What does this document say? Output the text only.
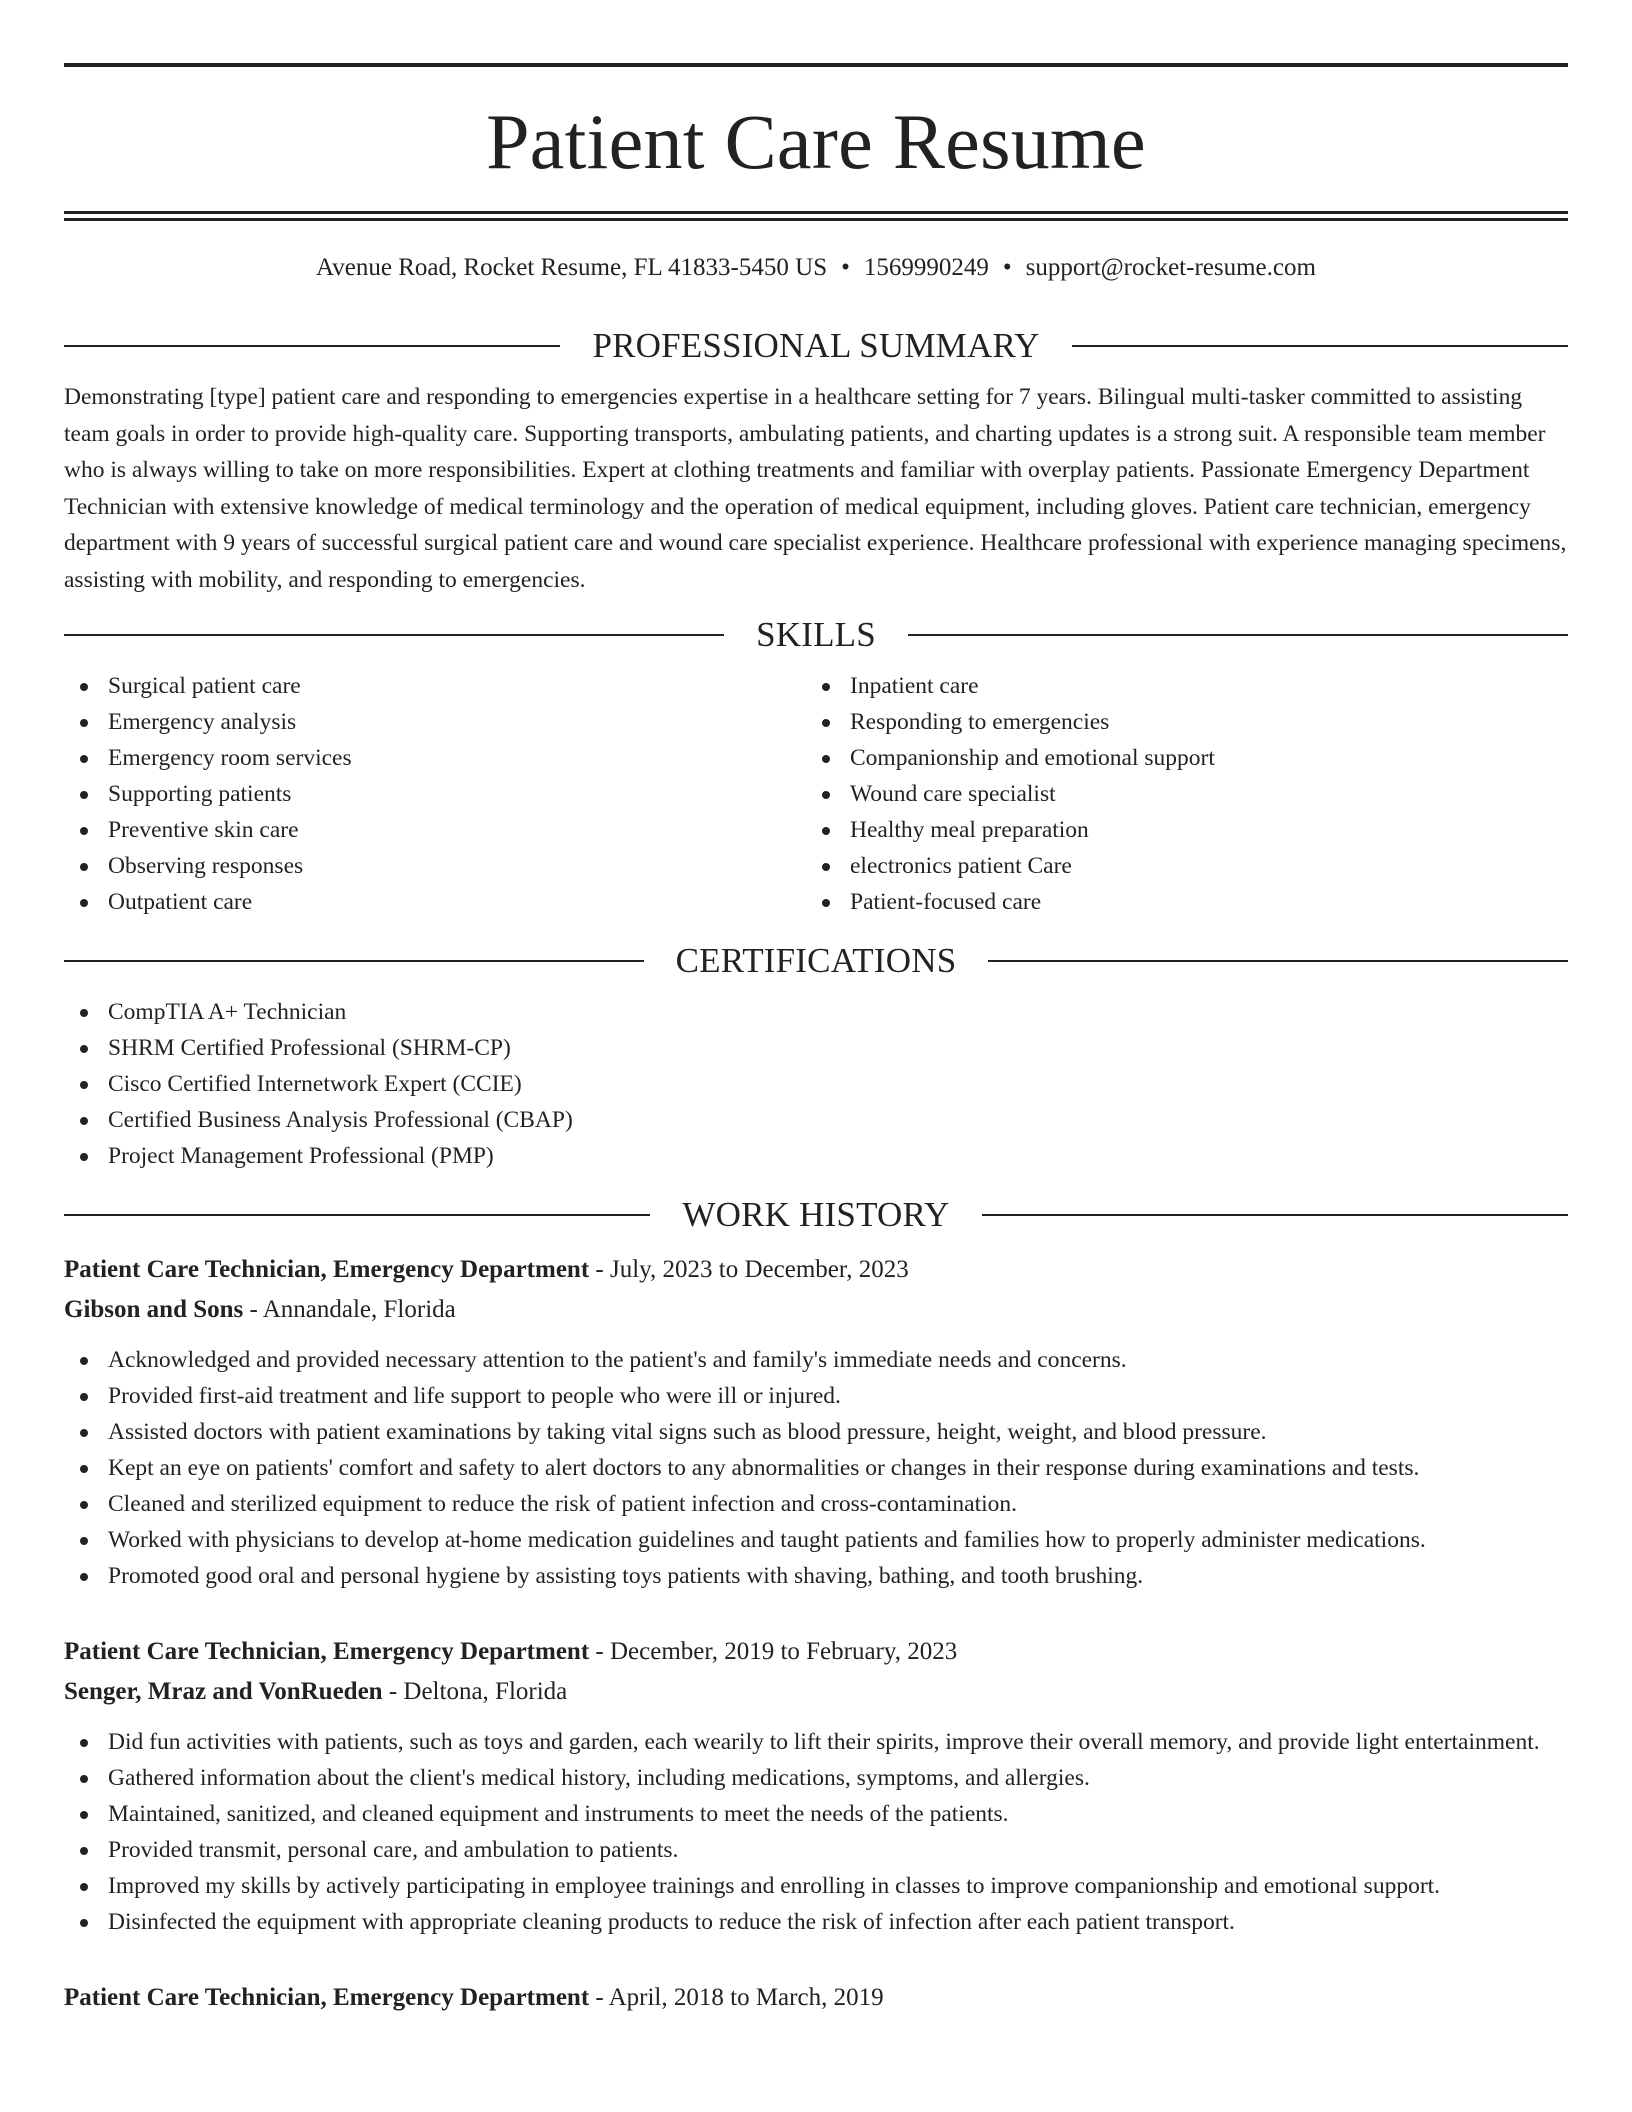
Patient Care Resume
Avenue Road, Rocket Resume, FL 41833-5450 US • 1569990249 • support@rocket-resume.com
PROFESSIONAL SUMMARY
Demonstrating [type] patient care and responding to emergencies expertise in a healthcare setting for 7 years. Bilingual multi-tasker committed to assisting team goals in order to provide high-quality care. Supporting transports, ambulating patients, and charting updates is a strong suit. A responsible team member who is always willing to take on more responsibilities. Expert at clothing treatments and familiar with overplay patients. Passionate Emergency Department Technician with extensive knowledge of medical terminology and the operation of medical equipment, including gloves. Patient care technician, emergency department with 9 years of successful surgical patient care and wound care specialist experience. Healthcare professional with experience managing specimens, assisting with mobility, and responding to emergencies.
SKILLS
Surgical patient care
Emergency analysis
Emergency room services
Supporting patients
Preventive skin care
Observing responses
Outpatient care
Inpatient care
Responding to emergencies
Companionship and emotional support
Wound care specialist
Healthy meal preparation
electronics patient Care
Patient-focused care
CERTIFICATIONS
CompTIA A+ Technician
SHRM Certified Professional (SHRM-CP)
Cisco Certified Internetwork Expert (CCIE)
Certified Business Analysis Professional (CBAP)
Project Management Professional (PMP)
WORK HISTORY
Patient Care Technician, Emergency Department - July, 2023 to December, 2023
Gibson and Sons - Annandale, Florida
Acknowledged and provided necessary attention to the patient's and family's immediate needs and concerns.
Provided first-aid treatment and life support to people who were ill or injured.
Assisted doctors with patient examinations by taking vital signs such as blood pressure, height, weight, and blood pressure.
Kept an eye on patients' comfort and safety to alert doctors to any abnormalities or changes in their response during examinations and tests.
Cleaned and sterilized equipment to reduce the risk of patient infection and cross-contamination.
Worked with physicians to develop at-home medication guidelines and taught patients and families how to properly administer medications.
Promoted good oral and personal hygiene by assisting toys patients with shaving, bathing, and tooth brushing.
Patient Care Technician, Emergency Department - December, 2019 to February, 2023
Senger, Mraz and VonRueden - Deltona, Florida
Did fun activities with patients, such as toys and garden, each wearily to lift their spirits, improve their overall memory, and provide light entertainment.
Gathered information about the client's medical history, including medications, symptoms, and allergies.
Maintained, sanitized, and cleaned equipment and instruments to meet the needs of the patients.
Provided transmit, personal care, and ambulation to patients.
Improved my skills by actively participating in employee trainings and enrolling in classes to improve companionship and emotional support.
Disinfected the equipment with appropriate cleaning products to reduce the risk of infection after each patient transport.
Patient Care Technician, Emergency Department - April, 2018 to March, 2019
